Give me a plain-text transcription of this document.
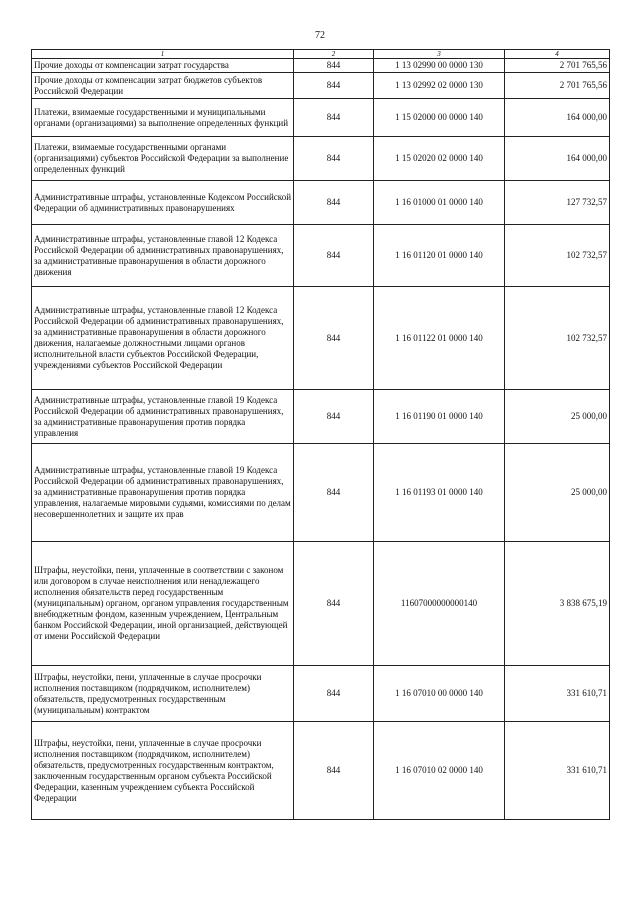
72
1	2	3	4
Прочие доходы от компенсации затрат государства	844	1 13 02990 00 0000 130	2 701 765,56
Прочие доходы от компенсации затрат бюджетов субъектов Российской Федерации	844	1 13 02992 02 0000 130	2 701 765,56
Платежи, взимаемые государственными и муниципальными органами (организациями) за выполнение определенных функций	844	1 15 02000 00 0000 140	164 000,00
Платежи, взимаемые государственными органами (организациями) субъектов Российской Федерации за выполнение определенных функций	844	1 15 02020 02 0000 140	164 000,00
Административные штрафы, установленные Кодексом Российской Федерации об административных правонарушениях	844	1 16 01000 01 0000 140	127 732,57
Административные штрафы, установленные главой 12 Кодекса Российской Федерации об административных правонарушениях, за административные правонарушения в области дорожного движения	844	1 16 01120 01 0000 140	102 732,57
Административные штрафы, установленные главой 12 Кодекса Российской Федерации об административных правонарушениях, за административные правонарушения в области дорожного движения, налагаемые должностными лицами органов исполнительной власти субъектов Российской Федерации, учреждениями субъектов Российской Федерации	844	1 16 01122 01 0000 140	102 732,57
Административные штрафы, установленные главой 19 Кодекса Российской Федерации об административных правонарушениях, за административные правонарушения против порядка управления	844	1 16 01190 01 0000 140	25 000,00
Административные штрафы, установленные главой 19 Кодекса Российской Федерации об административных правонарушениях, за административные правонарушения против порядка управления, налагаемые мировыми судьями, комиссиями по делам несовершеннолетних и защите их прав	844	1 16 01193 01 0000 140	25 000,00
Штрафы, неустойки, пени, уплаченные в соответствии с законом или договором в случае неисполнения или ненадлежащего исполнения обязательств перед государственным (муниципальным) органом, органом управления государственным внебюджетным фондом, казенным учреждением, Центральным банком Российской Федерации, иной организацией, действующей от имени Российской Федерации	844	11607000000000140	3 838 675,19
Штрафы, неустойки, пени, уплаченные в случае просрочки исполнения поставщиком (подрядчиком, исполнителем) обязательств, предусмотренных государственным (муниципальным) контрактом	844	1 16 07010 00 0000 140	331 610,71
Штрафы, неустойки, пени, уплаченные в случае просрочки исполнения поставщиком (подрядчиком, исполнителем) обязательств, предусмотренных государственным контрактом, заключенным государственным органом субъекта Российской Федерации, казенным учреждением субъекта Российской Федерации	844	1 16 07010 02 0000 140	331 610,71
